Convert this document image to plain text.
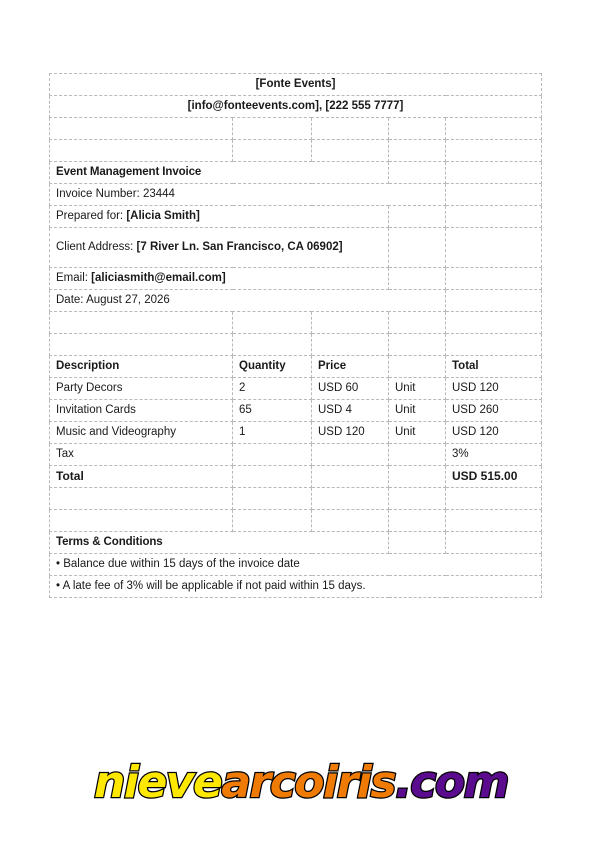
[Fonte Events]				
[info@fonteevents.com], [222 555 7777]				

Event Management Invoice				
Invoice Number: 23444				
Prepared for: [Alicia Smith]				
Client Address: [7 River Ln. San Francisco, CA 06902]				
Email: [aliciasmith@email.com]				
Date: August 27, 2026				

Description	Quantity	Price		Total
Party Decors	2	USD 60	Unit	USD 120
Invitation Cards	65	USD 4	Unit	USD 260
Music and Videography	1	USD 120	Unit	USD 120
Tax				3%
Total				USD 515.00

Terms & Conditions				
• Balance due within 15 days of the invoice date				
• A late fee of 3% will be applicable if not paid within 15 days.				
nievearcoiris.com
